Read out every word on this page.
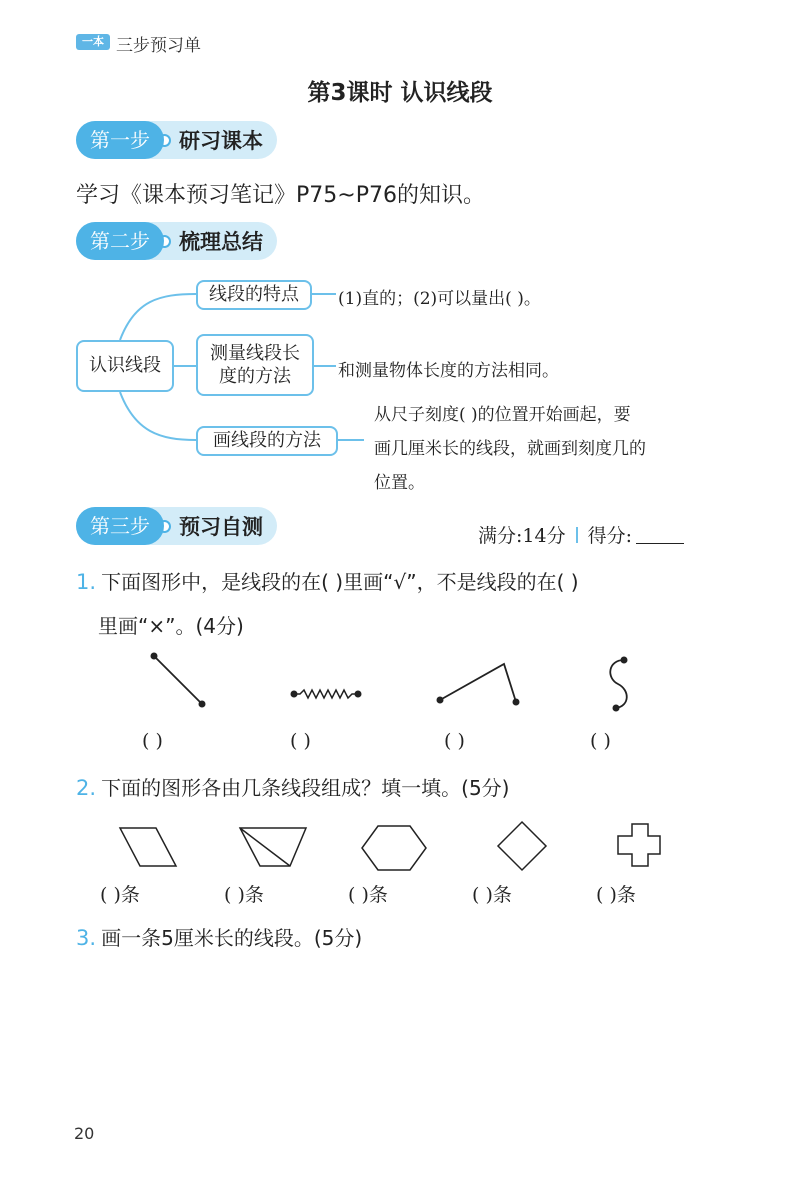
一本 三步预习单
第3课时 认识线段
第一步	研习课本
学习《课本预习笔记》P75~P76的知识。
第二步	梳理总结
认识线段
线段的特点
测量线段长
度的方法
画线段的方法
(1)直的；(2)可以量出( )。
和测量物体长度的方法相同。
从尺子刻度( )的位置开始画起，要
画几厘米长的线段，就画到刻度几的
位置。
第三步	预习自测	满分:14分 得分:
1. 下面图形中，是线段的在( )里画“√”，不是线段的在( )
里画“×”。(4分)
( )	( )	( )	( )
2. 下面的图形各由几条线段组成？填一填。(5分)
( )条	( )条	( )条	( )条	( )条
3. 画一条5厘米长的线段。(5分)
20
